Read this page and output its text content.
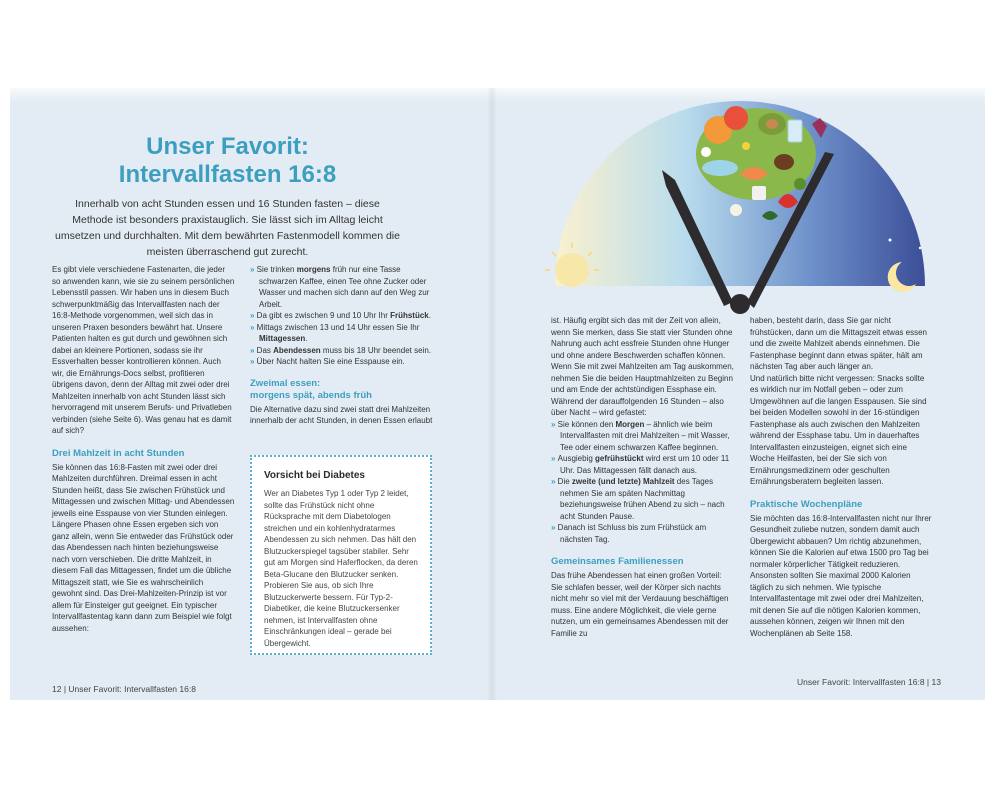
Unser Favorit:
Intervallfasten 16:8
Innerhalb von acht Stunden essen und 16 Stunden fasten – diese Methode ist besonders praxistauglich. Sie lässt sich im Alltag leicht umsetzen und durchhalten. Mit dem bewährten Fastenmodell kommen die meisten überraschend gut zurecht.

Es gibt viele verschiedene Fastenarten, die jeder so anwenden kann, wie sie zu seinem persönlichen Lebensstil passen. Wir haben uns in diesem Buch schwerpunktmäßig das Intervallfasten nach der 16:8-Methode vorgenommen, weil sich das in unseren Praxen besonders bewährt hat. Unsere Patienten halten es gut durch und gewöhnen sich dabei an kleinere Portionen, sodass sie ihr Essverhalten besser kontrollieren können. Auch wir, die Ernährungs-Docs selbst, profitieren übrigens davon, denn der Alltag mit zwei oder drei Mahlzeiten innerhalb von acht Stunden lässt sich hervorragend mit unserem Berufs- und Privatleben verbinden (siehe Seite 6). Was genau hat es damit auf sich?

Drei Mahlzeit in acht Stunden

Sie können das 16:8-Fasten mit zwei oder drei Mahlzeiten durchführen. Dreimal essen in acht Stunden heißt, dass Sie zwischen Frühstück und Mittagessen und zwischen Mittag- und Abendessen jeweils eine Esspause von vier Stunden einlegen. Längere Phasen ohne Essen ergeben sich von ganz allein, wenn Sie entweder das Frühstück oder das Abendessen nach hinten beziehungsweise nach vorn verschieben. Die dritte Mahlzeit, in diesem Fall das Mittagessen, findet um die übliche Mittagszeit statt, wie Sie es wahrscheinlich gewohnt sind. Das Drei-Mahlzeiten-Prinzip ist vor allem für Einsteiger gut geeignet. Ein typischer Intervallfastentag kann dann zum Beispiel wie folgt aussehen:

» Sie trinken morgens früh nur eine Tasse schwarzen Kaffee, einen Tee ohne Zucker oder Wasser und machen sich dann auf den Weg zur Arbeit.

» Da gibt es zwischen 9 und 10 Uhr Ihr Frühstück.

» Mittags zwischen 13 und 14 Uhr essen Sie Ihr Mittagessen.

» Das Abendessen muss bis 18 Uhr beendet sein.

» Über Nacht halten Sie eine Esspause ein.

Zweimal essen:

morgens spät, abends früh

Die Alternative dazu sind zwei statt drei Mahlzeiten innerhalb der acht Stunden, in denen Essen erlaubt

Vorsicht bei Diabetes

Wer an Diabetes Typ 1 oder Typ 2 leidet, sollte das Frühstück nicht ohne Rücksprache mit dem Diabetologen streichen und ein kohlenhydratarmes Abendessen zu sich nehmen. Das hält den Blutzuckerspiegel tagsüber stabiler. Sehr gut am Morgen sind Haferflocken, da deren Beta-Glucane den Blutzucker senken. Probieren Sie aus, ob sich Ihre Blutzuckerwerte bessern. Für Typ-2-Diabetiker, die keine Blutzuckersenker nehmen, ist Intervallfasten ohne Einschränkungen ideal – gerade bei Übergewicht.

12 | Unser Favorit: Intervallfasten 16:8

ist. Häufig ergibt sich das mit der Zeit von allein, wenn Sie merken, dass Sie statt vier Stunden ohne Nahrung auch acht essfreie Stunden ohne Hunger und ohne andere Beschwerden schaffen können. Wenn Sie mit zwei Mahlzeiten am Tag auskommen, nehmen Sie die beiden Hauptmahlzeiten zu Beginn und am Ende der achtstündigen Essphase ein. Während der darauffolgenden 16 Stunden – also über Nacht – wird gefastet:

» Sie können den Morgen – ähnlich wie beim Intervallfasten mit drei Mahlzeiten – mit Wasser, Tee oder einem schwarzen Kaffee beginnen.

» Ausgiebig gefrühstückt wird erst um 10 oder 11 Uhr. Das Mittagessen fällt danach aus.

» Die zweite (und letzte) Mahlzeit des Tages nehmen Sie am späten Nachmittag beziehungsweise frühen Abend zu sich – nach acht Stunden Pause.

» Danach ist Schluss bis zum Frühstück am nächsten Tag.

Gemeinsames Familienessen

Das frühe Abendessen hat einen großen Vorteil: Sie schlafen besser, weil der Körper sich nachts nicht mehr so viel mit der Verdauung beschäftigen muss. Eine andere Möglichkeit, die viele gerne nutzen, um ein gemeinsames Abendessen mit der Familie zu

haben, besteht darin, dass Sie gar nicht frühstücken, dann um die Mittagszeit etwas essen und die zweite Mahlzeit abends einnehmen. Die Fastenphase beginnt dann etwas später, hält am nächsten Tag aber auch länger an.

Und natürlich bitte nicht vergessen: Snacks sollte es wirklich nur im Notfall geben – oder zum Umgewöhnen auf die langen Esspausen. Sie sind bei beiden Modellen sowohl in der 16-stündigen Fastenphase als auch zwischen den Mahlzeiten während der Essphase tabu. Um in dauerhaftes Intervallfasten einzusteigen, eignet sich eine Woche Heilfasten, bei der Sie sich von Ernährungsmedizinern oder geschulten Ernährungsberatern begleiten lassen.

Praktische Wochenpläne

Sie möchten das 16:8-Intervallfasten nicht nur Ihrer Gesundheit zuliebe nutzen, sondern damit auch Übergewicht abbauen? Um richtig abzunehmen, können Sie die Kalorien auf etwa 1500 pro Tag bei normaler körperlicher Tätigkeit reduzieren. Ansonsten sollten Sie maximal 2000 Kalorien täglich zu sich nehmen. Wie typische Intervallfastentage mit zwei oder drei Mahlzeiten, mit denen Sie auf die nötigen Kalorien kommen, aussehen können, zeigen wir Ihnen mit den Wochenplänen ab Seite 158.

Unser Favorit: Intervallfasten 16:8 | 13
